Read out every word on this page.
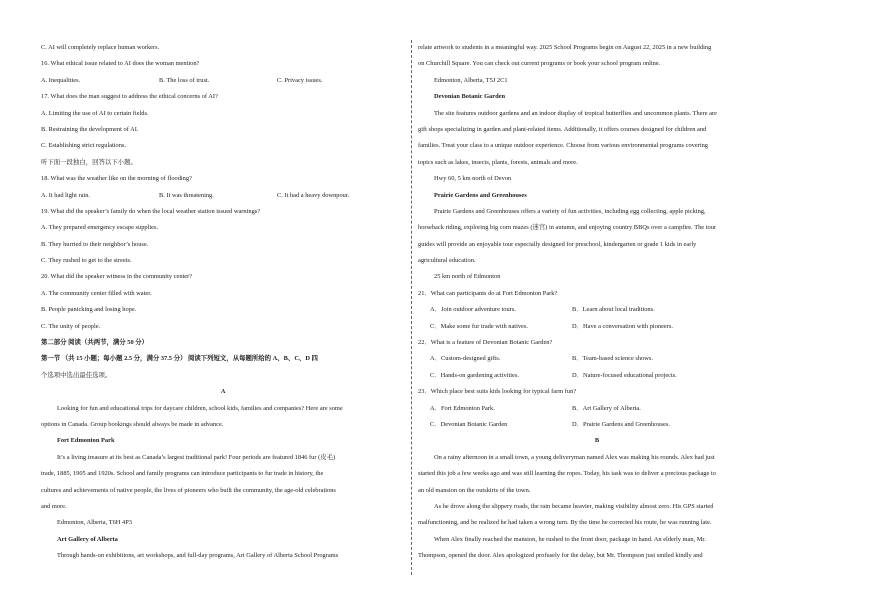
C. AI will completely replace human workers.
16. What ethical issue related to AI does the woman mention?
A. Inequalities.	B. The loss of trust.	C. Privacy issues.
17. What does the man suggest to address the ethical concerns of AI?
A. Limiting the use of AI to certain fields.
B. Restraining the development of AI.
C. Establishing strict regulations.
听下面一段独白，回答以下小题。
18. What was the weather like on the morning of flooding?
A. It had light rain.	B. It was threatening.	C. It had a heavy downpour.
19. What did the speaker’s family do when the local weather station issued warnings?
A. They prepared emergency escape supplies.
B. They hurried to their neighbor’s house.
C. They rushed to get to the streets.
20. What did the speaker witness in the community center?
A. The community center filled with water.
B. People panicking and losing hope.
C. The unity of people.
第二部分 阅读（共两节，满分 50 分）
第一节 （共 15 小题；每小题 2.5 分，满分 37.5 分） 阅读下列短文，从每题所给的 A、B、C、D 四
个选项中选出最佳选项。
A
Looking for fun and educational trips for daycare children, school kids, families and companies? Here are some
options in Canada. Group bookings should always be made in advance.
Fort Edmonton Park
It’s a living treasure at its best as Canada’s largest traditional park! Four periods are featured 1846 fur (皮毛)
trade, 1885, 1905 and 1920s. School and family programs can introduce participants to fur trade in history, the
cultures and achievements of native people, the lives of pioneers who built the community, the age-old celebrations
and more.
Edmonton, Alberta, T6H 4P3
Art Gallery of Alberta
Through hands-on exhibitions, art workshops, and full-day programs, Art Gallery of Alberta School Programs
relate artwork to students in a meaningful way. 2025 School Programs begin on August 22, 2025 in a new building
on Churchill Square. You can check out current programs or book your school program online.
Edmonton, Alberta, T5J 2C1
Devonian Botanic Garden
The site features outdoor gardens and an indoor display of tropical butterflies and uncommon plants. There are
gift shops specializing in garden and plant-related items. Additionally, it offers courses designed for children and
families. Treat your class to a unique outdoor experience. Choose from various environmental programs covering
topics such as lakes, insects, plants, forests, animals and more.
Hwy 60, 5 km north of Devon
Prairie Gardens and Greenhouses
Prairie Gardens and Greenhouses offers a variety of fun activities, including egg collecting, apple picking,
horseback riding, exploring big corn mazes (迷宫) in autumn, and enjoying country BBQs over a campfire. The tour
guides will provide an enjoyable tour especially designed for preschool, kindergarten or grade 1 kids in early
agricultural education.
25 km north of Edmonton
21．What can participants do at Fort Edmonton Park?
A．Join outdoor adventure tours.	B．Learn about local traditions.
C．Make some fur trade with natives.	D．Have a conversation with pioneers.
22．What is a feature of Devonian Botanic Garden?
A．Custom-designed gifts.	B．Team-based science shows.
C．Hands-on gardening activities.	D．Nature-focused educational projects.
23．Which place best suits kids looking for typical farm fun?
A．Fort Edmonton Park.	B．Art Gallery of Alberta.
C．Devonian Botanic Garden	D．Prairie Gardens and Greenhouses.
B
On a rainy afternoon in a small town, a young deliveryman named Alex was making his rounds. Alex had just
started this job a few weeks ago and was still learning the ropes. Today, his task was to deliver a precious package to
an old mansion on the outskirts of the town.
As he drove along the slippery roads, the rain became heavier, making visibility almost zero. His GPS started
malfunctioning, and he realized he had taken a wrong turn. By the time he corrected his route, he was running late.
When Alex finally reached the mansion, he rushed to the front door, package in hand. An elderly man, Mr.
Thompson, opened the door. Alex apologized profusely for the delay, but Mr. Thompson just smiled kindly and
